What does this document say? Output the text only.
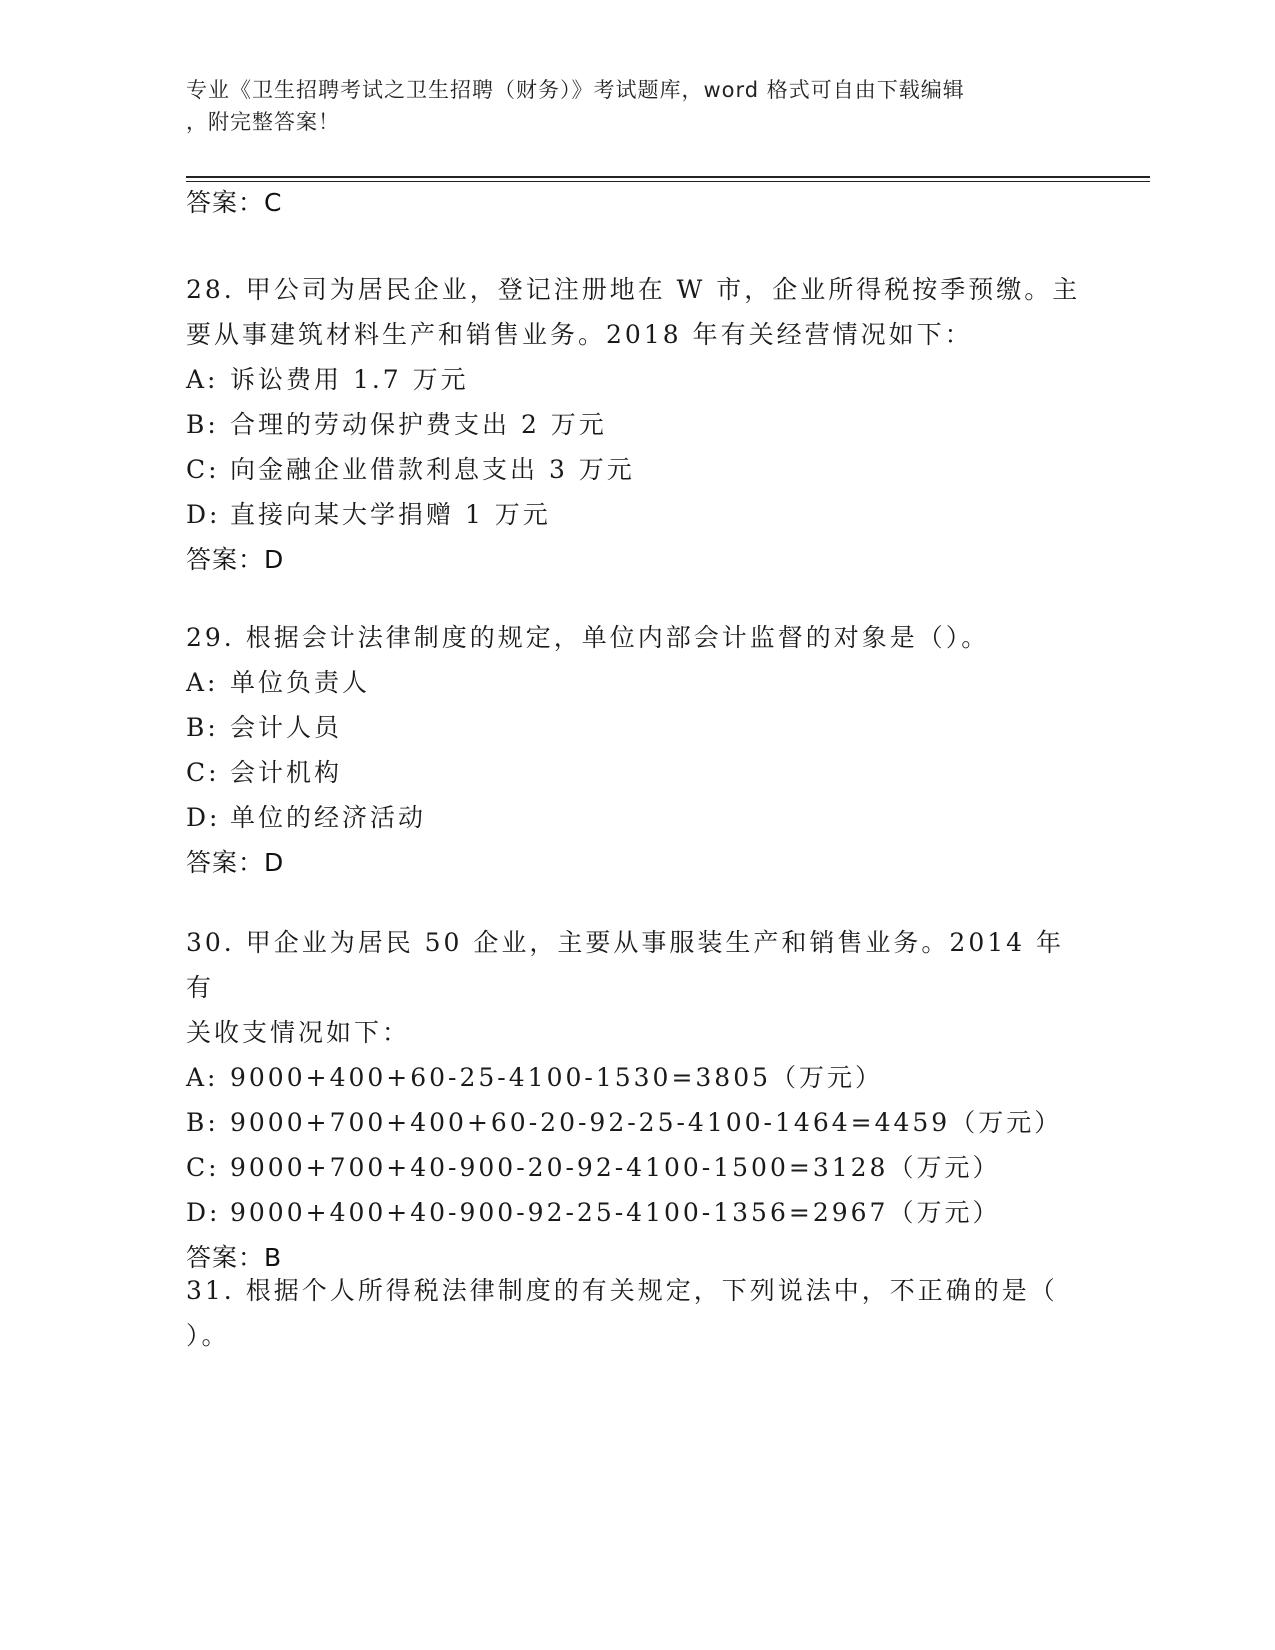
专业《卫生招聘考试之卫生招聘（财务）》考试题库，word 格式可自由下载编辑
，附完整答案！
答案：C
28. 甲公司为居民企业，登记注册地在 W 市，企业所得税按季预缴。主
要从事建筑材料生产和销售业务。2018 年有关经营情况如下：
A: 诉讼费用 1.7 万元
B: 合理的劳动保护费支出 2 万元
C: 向金融企业借款利息支出 3 万元
D: 直接向某大学捐赠 1 万元
答案：D
29. 根据会计法律制度的规定，单位内部会计监督的对象是（）。
A: 单位负责人
B: 会计人员
C: 会计机构
D: 单位的经济活动
答案：D
30. 甲企业为居民 50 企业，主要从事服装生产和销售业务。2014 年有
关收支情况如下：
A: 9000+400+60-25-4100-1530=3805（万元）
B: 9000+700+400+60-20-92-25-4100-1464=4459（万元）
C: 9000+700+40-900-20-92-4100-1500=3128（万元）
D: 9000+400+40-900-92-25-4100-1356=2967（万元）
答案：B
31. 根据个人所得税法律制度的有关规定，下列说法中，不正确的是（
）。
